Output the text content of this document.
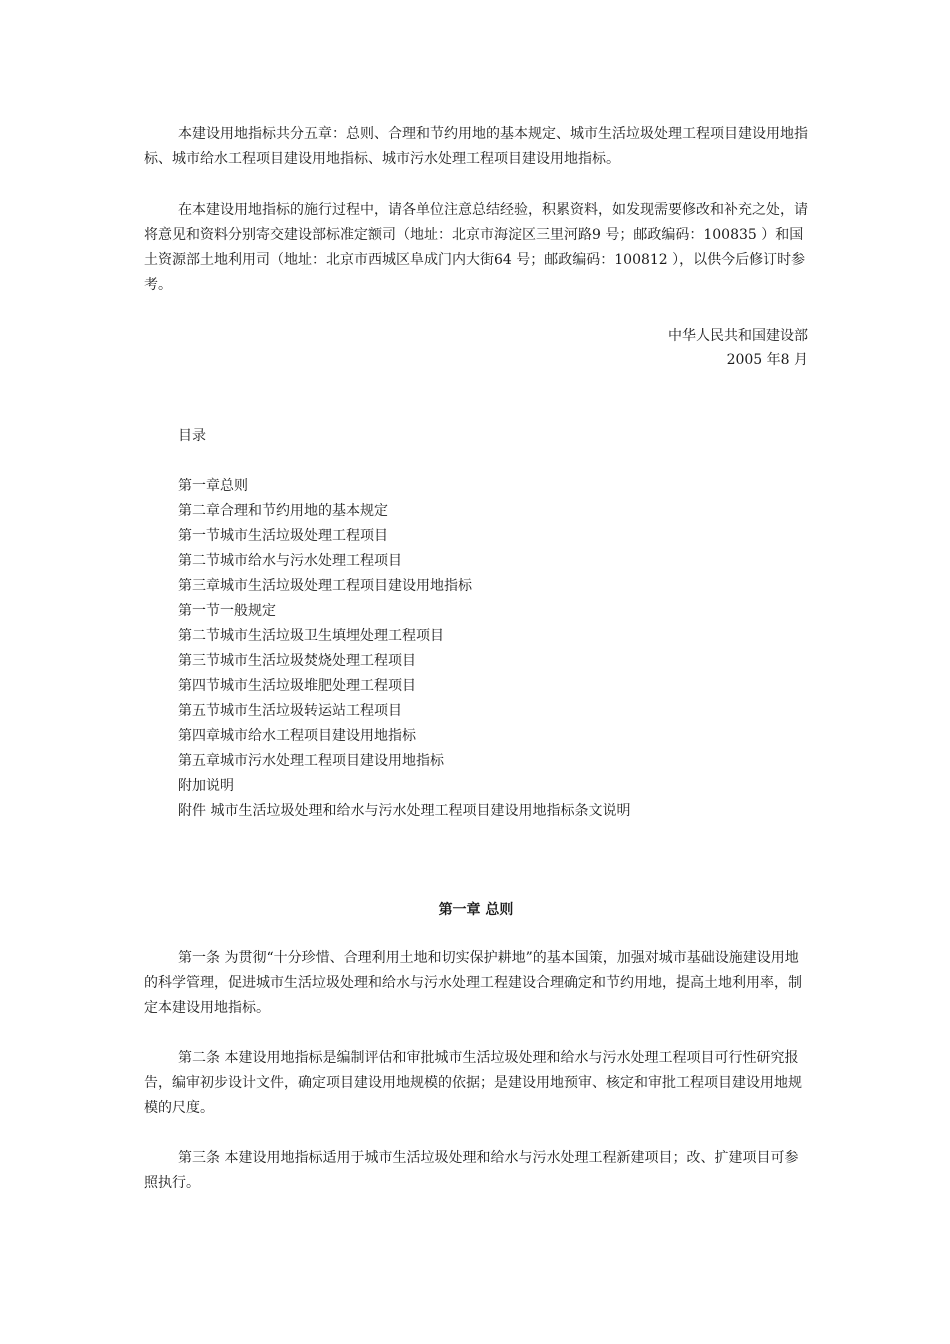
本建设用地指标共分五章：总则、合理和节约用地的基本规定、城市生活垃圾处理工程项目建设用地指标、城市给水工程项目建设用地指标、城市污水处理工程项目建设用地指标。

在本建设用地指标的施行过程中，请各单位注意总结经验，积累资料，如发现需要修改和补充之处，请将意见和资料分别寄交建设部标准定额司（地址：北京市海淀区三里河路9 号；邮政编码：100835 ）和国土资源部土地利用司（地址：北京市西城区阜成门内大街64 号；邮政编码：100812 ），以供今后修订时参考。

中华人民共和国建设部
2005 年8 月
目录
第一章总则
第二章合理和节约用地的基本规定
第一节城市生活垃圾处理工程项目
第二节城市给水与污水处理工程项目
第三章城市生活垃圾处理工程项目建设用地指标
第一节一般规定
第二节城市生活垃圾卫生填埋处理工程项目
第三节城市生活垃圾焚烧处理工程项目
第四节城市生活垃圾堆肥处理工程项目
第五节城市生活垃圾转运站工程项目
第四章城市给水工程项目建设用地指标
第五章城市污水处理工程项目建设用地指标
附加说明
附件 城市生活垃圾处理和给水与污水处理工程项目建设用地指标条文说明
第一章 总则

第一条 为贯彻“十分珍惜、合理利用土地和切实保护耕地”的基本国策，加强对城市基础设施建设用地的科学管理，促进城市生活垃圾处理和给水与污水处理工程建设合理确定和节约用地，提高土地利用率，制定本建设用地指标。

第二条 本建设用地指标是编制评估和审批城市生活垃圾处理和给水与污水处理工程项目可行性研究报告，编审初步设计文件，确定项目建设用地规模的依据；是建设用地预审、核定和审批工程项目建设用地规模的尺度。

第三条 本建设用地指标适用于城市生活垃圾处理和给水与污水处理工程新建项目；改、扩建项目可参照执行。
